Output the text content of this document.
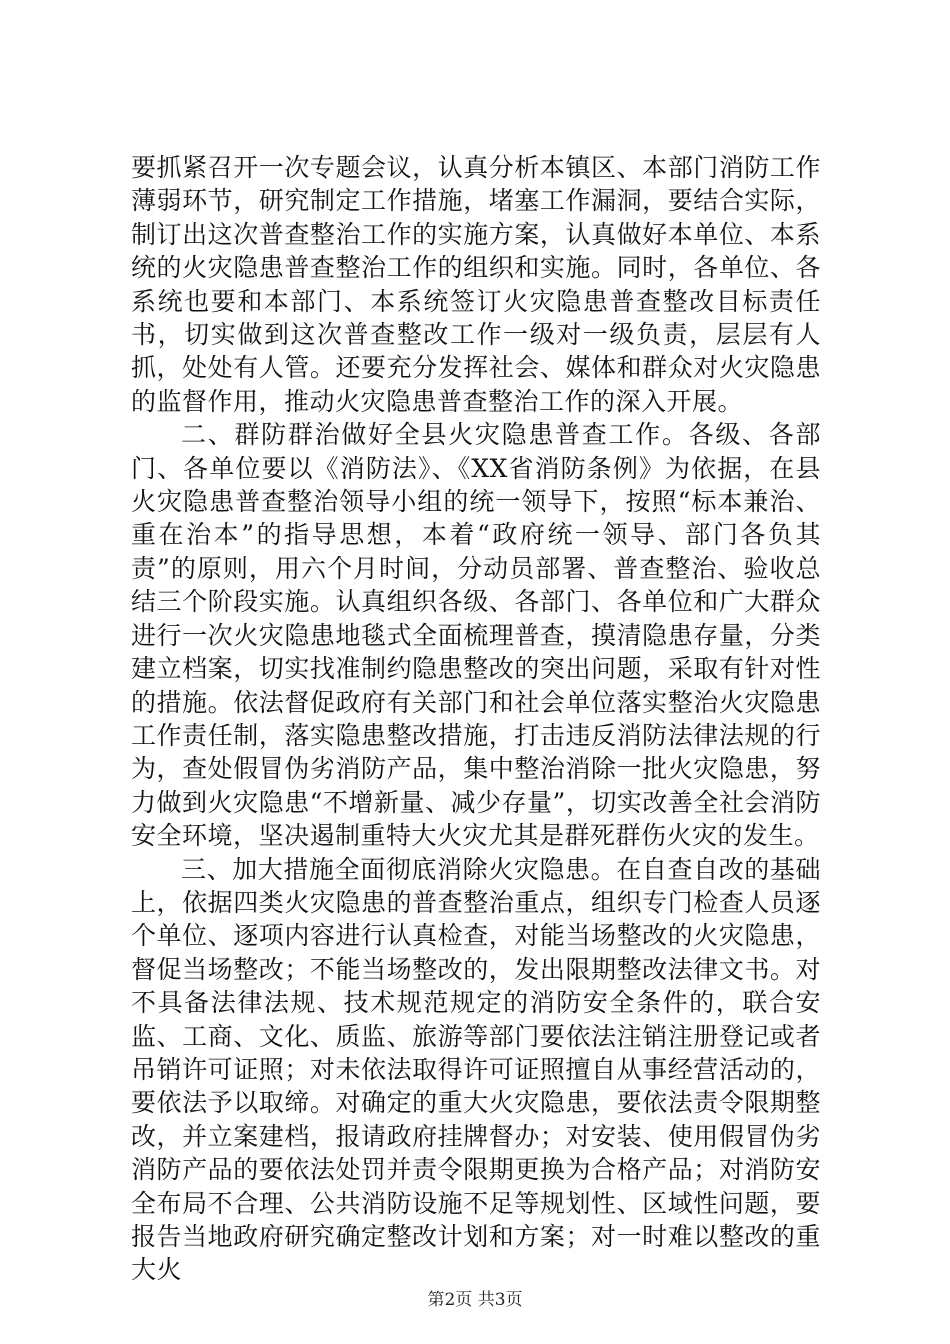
要抓紧召开一次专题会议，认真分析本镇区、本部门消防工作薄弱环节，研究制定工作措施，堵塞工作漏洞，要结合实际，制订出这次普查整治工作的实施方案，认真做好本单位、本系统的火灾隐患普查整治工作的组织和实施。同时，各单位、各系统也要和本部门、本系统签订火灾隐患普查整改目标责任书，切实做到这次普查整改工作一级对一级负责，层层有人抓，处处有人管。还要充分发挥社会、媒体和群众对火灾隐患的监督作用，推动火灾隐患普查整治工作的深入开展。

二、群防群治做好全县火灾隐患普查工作。各级、各部门、各单位要以《消防法》、《XX省消防条例》为依据，在县火灾隐患普查整治领导小组的统一领导下，按照“标本兼治、重在治本”的指导思想，本着“政府统一领导、部门各负其责”的原则，用六个月时间，分动员部署、普查整治、验收总结三个阶段实施。认真组织各级、各部门、各单位和广大群众进行一次火灾隐患地毯式全面梳理普查，摸清隐患存量，分类建立档案，切实找准制约隐患整改的突出问题，采取有针对性的措施。依法督促政府有关部门和社会单位落实整治火灾隐患工作责任制，落实隐患整改措施，打击违反消防法律法规的行为，查处假冒伪劣消防产品，集中整治消除一批火灾隐患，努力做到火灾隐患“不增新量、减少存量”，切实改善全社会消防安全环境，坚决遏制重特大火灾尤其是群死群伤火灾的发生。

三、加大措施全面彻底消除火灾隐患。在自查自改的基础上，依据四类火灾隐患的普查整治重点，组织专门检查人员逐个单位、逐项内容进行认真检查，对能当场整改的火灾隐患，督促当场整改；不能当场整改的，发出限期整改法律文书。对不具备法律法规、技术规范规定的消防安全条件的，联合安监、工商、文化、质监、旅游等部门要依法注销注册登记或者吊销许可证照；对未依法取得许可证照擅自从事经营活动的，要依法予以取缔。对确定的重大火灾隐患，要依法责令限期整改，并立案建档，报请政府挂牌督办；对安装、使用假冒伪劣消防产品的要依法处罚并责令限期更换为合格产品；对消防安全布局不合理、公共消防设施不足等规划性、区域性问题，要报告当地政府研究确定整改计划和方案；对一时难以整改的重大火

第2页 共3页
